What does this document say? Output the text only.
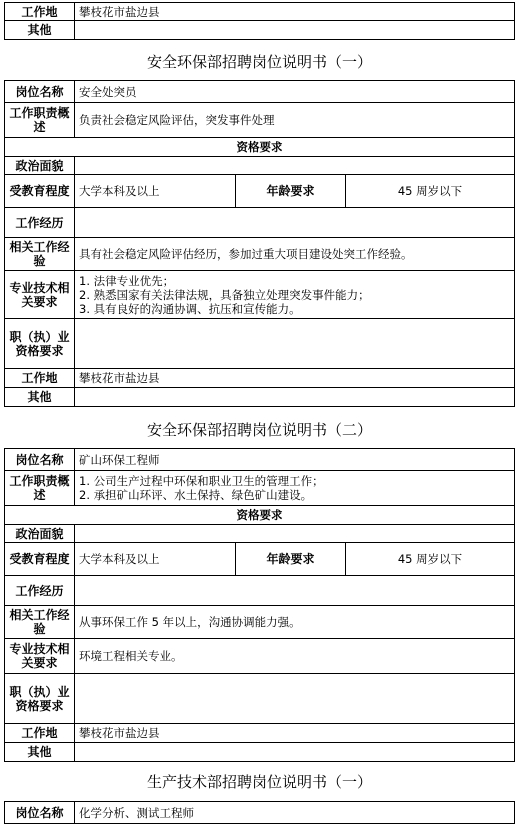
工作地	攀枝花市盐边县
其他	
安全环保部招聘岗位说明书（一）
岗位名称	安全处突员		
工作职责概述	负责社会稳定风险评估，突发事件处理		

资格要求			
政治面貌			
受教育程度	大学本科及以上	年龄要求	45 周岁以下
工作经历			
相关工作经验	具有社会稳定风险评估经历，参加过重大项目建设处突工作经验。		
专业技术相关要求	1. 法律专业优先；
2. 熟悉国家有关法律法规，具备独立处理突发事件能力；
3. 具有良好的沟通协调、抗压和宣传能力。		

职（执）业资格要求			
工作地	攀枝花市盐边县		
其他			
安全环保部招聘岗位说明书（二）
岗位名称	矿山环保工程师		
工作职责概述	1. 公司生产过程中环保和职业卫生的管理工作；
2. 承担矿山环评、水土保持、绿色矿山建设。		

资格要求			
政治面貌			
受教育程度	大学本科及以上	年龄要求	45 周岁以下
工作经历			
相关工作经验	从事环保工作 5 年以上，沟通协调能力强。		
专业技术相关要求	环境工程相关专业。		

职（执）业资格要求			
工作地	攀枝花市盐边县		
其他			
生产技术部招聘岗位说明书（一）
岗位名称	化学分析、测试工程师
